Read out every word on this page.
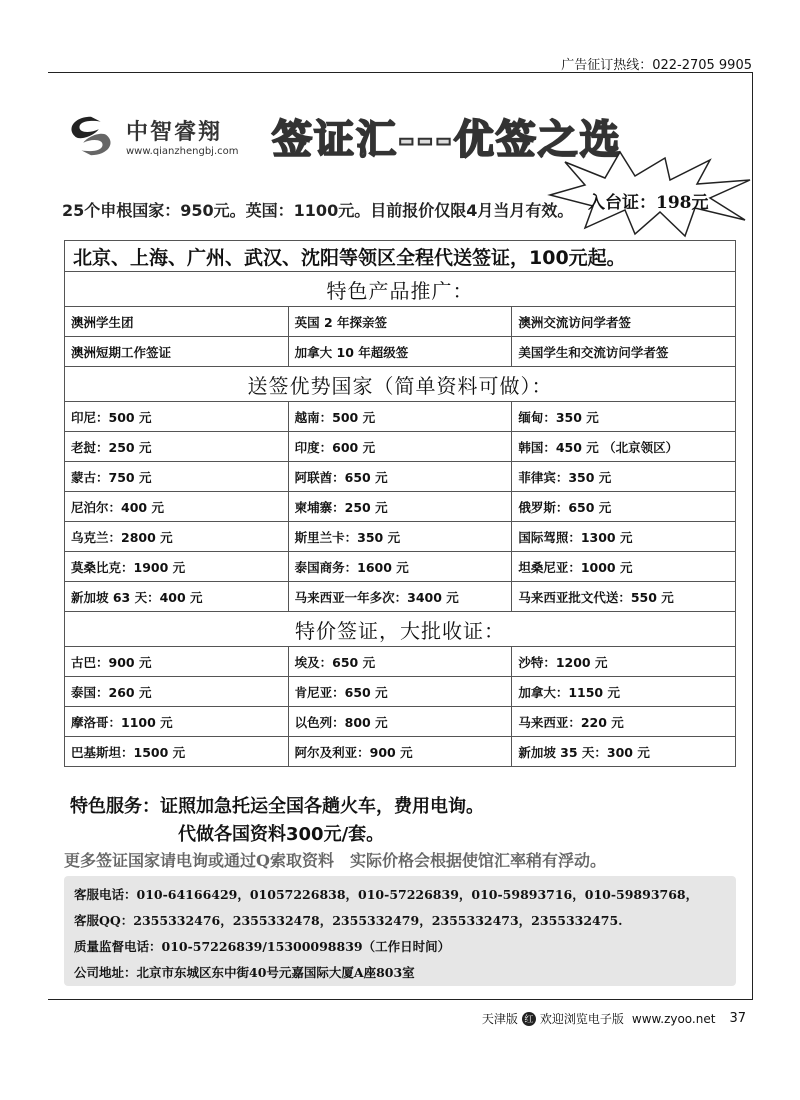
广告征订热线：022-2705 9905
中智睿翔
www.qianzhengbj.com 签证汇---优签之选
25个申根国家：950元。英国：1100元。目前报价仅限4月当月有效。 入台证：198元
北京、上海、广州、武汉、沈阳等领区全程代送签证，100元起。		
特色产品推广：		
澳洲学生团	英国 2 年探亲签	澳洲交流访问学者签
澳洲短期工作签证	加拿大 10 年超级签	美国学生和交流访问学者签
送签优势国家（简单资料可做）：		
印尼：500 元	越南：500 元	缅甸：350 元
老挝：250 元	印度：600 元	韩国：450 元 （北京领区）
蒙古：750 元	阿联酋：650 元	菲律宾：350 元
尼泊尔：400 元	柬埔寨：250 元	俄罗斯：650 元
乌克兰：2800 元	斯里兰卡：350 元	国际驾照：1300 元
莫桑比克：1900 元	泰国商务：1600 元	坦桑尼亚：1000 元
新加坡 63 天：400 元	马来西亚一年多次：3400 元	马来西亚批文代送：550 元
特价签证，大批收证：		
古巴：900 元	埃及：650 元	沙特：1200 元
泰国：260 元	肯尼亚：650 元	加拿大：1150 元
摩洛哥：1100 元	以色列：800 元	马来西亚：220 元
巴基斯坦：1500 元	阿尔及利亚：900 元	新加坡 35 天：300 元
特色服务：证照加急托运全国各趟火车，费用电询。
代做各国资料300元/套。
更多签证国家请电询或通过Q索取资料　实际价格会根据使馆汇率稍有浮动。
客服电话：010-64166429，01057226838，010-57226839，010-59893716，010-59893768，
客服QQ：2355332476，2355332478，2355332479，2355332473，2355332475.
质量监督电话：010-57226839/15300098839（工作日时间）
公司地址：北京市东城区东中街40号元嘉国际大厦A座803室
天津版 红 欢迎浏览电子版 www.zyoo.net 37
